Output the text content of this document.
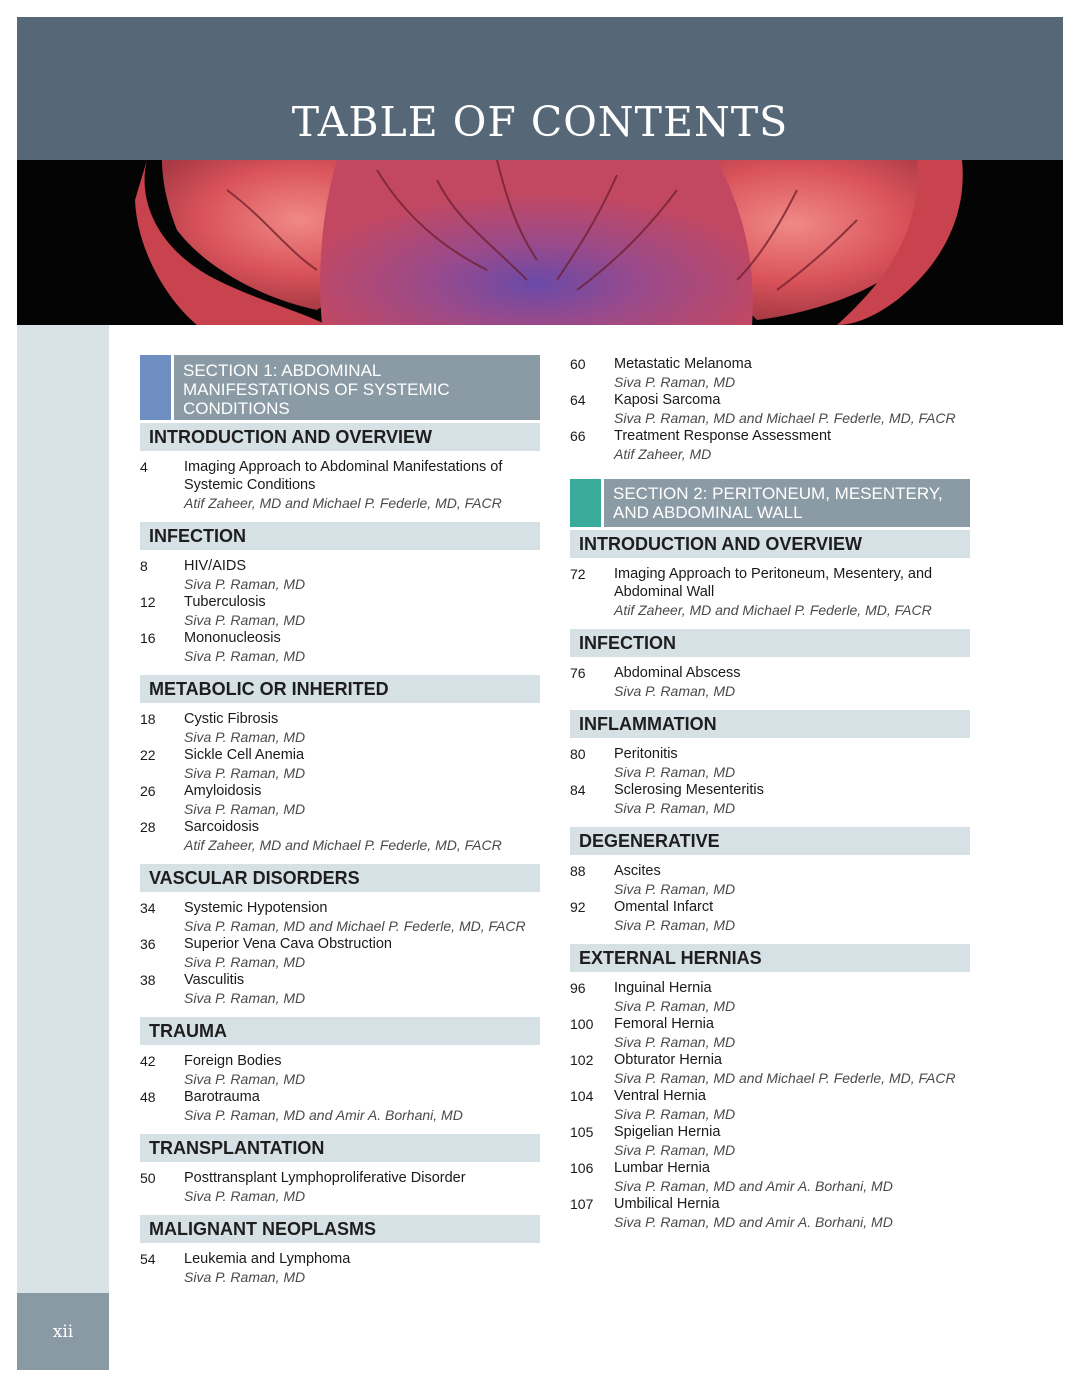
TABLE OF CONTENTS
xii
SECTION 1: ABDOMINAL MANIFESTATIONS OF SYSTEMIC CONDITIONS
INTRODUCTION AND OVERVIEW
4	Imaging Approach to Abdominal Manifestations of Systemic Conditions
Atif Zaheer, MD and Michael P. Federle, MD, FACR
INFECTION
8	HIV/AIDS
Siva P. Raman, MD
12	Tuberculosis
Siva P. Raman, MD
16	Mononucleosis
Siva P. Raman, MD
METABOLIC OR INHERITED
18	Cystic Fibrosis
Siva P. Raman, MD
22	Sickle Cell Anemia
Siva P. Raman, MD
26	Amyloidosis
Siva P. Raman, MD
28	Sarcoidosis
Atif Zaheer, MD and Michael P. Federle, MD, FACR
VASCULAR DISORDERS
34	Systemic Hypotension
Siva P. Raman, MD and Michael P. Federle, MD, FACR
36	Superior Vena Cava Obstruction
Siva P. Raman, MD
38	Vasculitis
Siva P. Raman, MD
TRAUMA
42	Foreign Bodies
Siva P. Raman, MD
48	Barotrauma
Siva P. Raman, MD and Amir A. Borhani, MD
TRANSPLANTATION
50	Posttransplant Lymphoproliferative Disorder
Siva P. Raman, MD
MALIGNANT NEOPLASMS
54	Leukemia and Lymphoma
Siva P. Raman, MD
60	Metastatic Melanoma
Siva P. Raman, MD
64	Kaposi Sarcoma
Siva P. Raman, MD and Michael P. Federle, MD, FACR
66	Treatment Response Assessment
Atif Zaheer, MD
SECTION 2: PERITONEUM, MESENTERY, AND ABDOMINAL WALL
INTRODUCTION AND OVERVIEW
72	Imaging Approach to Peritoneum, Mesentery, and Abdominal Wall
Atif Zaheer, MD and Michael P. Federle, MD, FACR
INFECTION
76	Abdominal Abscess
Siva P. Raman, MD
INFLAMMATION
80	Peritonitis
Siva P. Raman, MD
84	Sclerosing Mesenteritis
Siva P. Raman, MD
DEGENERATIVE
88	Ascites
Siva P. Raman, MD
92	Omental Infarct
Siva P. Raman, MD
EXTERNAL HERNIAS
96	Inguinal Hernia
Siva P. Raman, MD
100	Femoral Hernia
Siva P. Raman, MD
102	Obturator Hernia
Siva P. Raman, MD and Michael P. Federle, MD, FACR
104	Ventral Hernia
Siva P. Raman, MD
105	Spigelian Hernia
Siva P. Raman, MD
106	Lumbar Hernia
Siva P. Raman, MD and Amir A. Borhani, MD
107	Umbilical Hernia
Siva P. Raman, MD and Amir A. Borhani, MD
